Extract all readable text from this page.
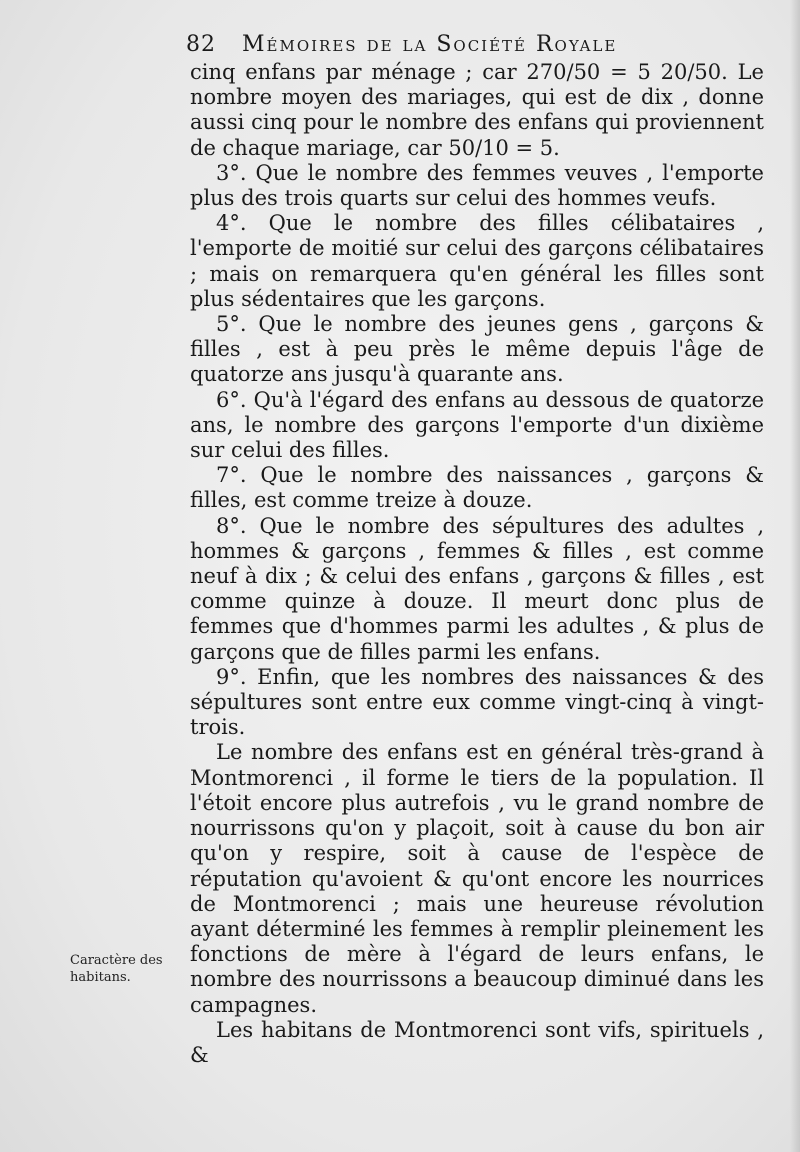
82 Mémoires de la Société Royale

cinq enfans par ménage ; car 270/50 = 5 20/50. Le nombre moyen des mariages, qui est de dix , donne aussi cinq pour le nombre des enfans qui proviennent de chaque mariage, car 50/10 = 5.

3°. Que le nombre des femmes veuves , l'emporte plus des trois quarts sur celui des hommes veufs.

4°. Que le nombre des filles célibataires , l'emporte de moitié sur celui des garçons célibataires ; mais on remarquera qu'en général les filles sont plus sédentaires que les garçons.

5°. Que le nombre des jeunes gens , garçons & filles , est à peu près le même depuis l'âge de quatorze ans jusqu'à quarante ans.

6°. Qu'à l'égard des enfans au dessous de quatorze ans, le nombre des garçons l'emporte d'un dixième sur celui des filles.

7°. Que le nombre des naissances , garçons & filles, est comme treize à douze.

8°. Que le nombre des sépultures des adultes , hommes & garçons , femmes & filles , est comme neuf à dix ; & celui des enfans , garçons & filles , est comme quinze à douze. Il meurt donc plus de femmes que d'hommes parmi les adultes , & plus de garçons que de filles parmi les enfans.

9°. Enfin, que les nombres des naissances & des sépultures sont entre eux comme vingt-cinq à vingt-trois.

Le nombre des enfans est en général très-grand à Montmorenci , il forme le tiers de la population. Il l'étoit encore plus autrefois , vu le grand nombre de nourrissons qu'on y plaçoit, soit à cause du bon air qu'on y respire, soit à cause de l'espèce de réputation qu'avoient & qu'ont encore les nourrices de Montmorenci ; mais une heureuse révolution ayant déterminé les femmes à remplir pleinement les fonctions de mère à l'égard de leurs enfans, le nombre des nourrissons a beaucoup diminué dans les campagnes.

Les habitans de Montmorenci sont vifs, spirituels , &

Caractère des habitans.
